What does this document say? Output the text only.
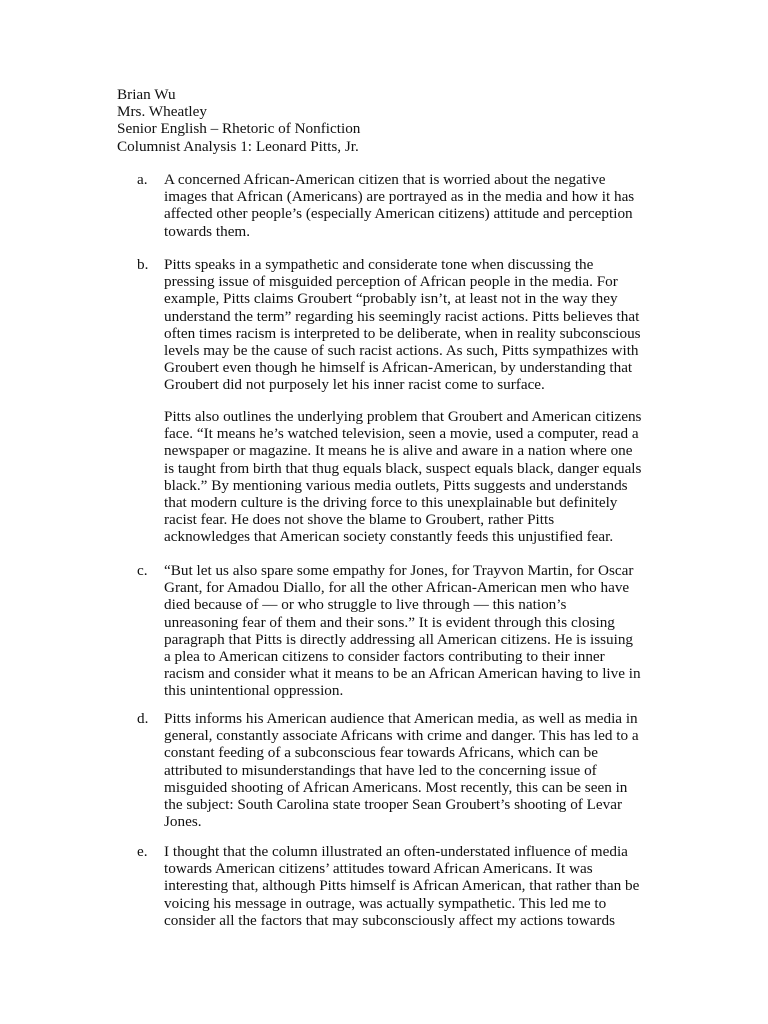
Brian Wu
Mrs. Wheatley
Senior English – Rhetoric of Nonfiction
Columnist Analysis 1: Leonard Pitts, Jr.
a. A concerned African-American citizen that is worried about the negative
images that African (Americans) are portrayed as in the media and how it has
affected other people’s (especially American citizens) attitude and perception
towards them.
b. Pitts speaks in a sympathetic and considerate tone when discussing the
pressing issue of misguided perception of African people in the media. For
example, Pitts claims Groubert “probably isn’t, at least not in the way they
understand the term” regarding his seemingly racist actions. Pitts believes that
often times racism is interpreted to be deliberate, when in reality subconscious
levels may be the cause of such racist actions. As such, Pitts sympathizes with
Groubert even though he himself is African-American, by understanding that
Groubert did not purposely let his inner racist come to surface.
Pitts also outlines the underlying problem that Groubert and American citizens
face. “It means he’s watched television, seen a movie, used a computer, read a
newspaper or magazine. It means he is alive and aware in a nation where one
is taught from birth that thug equals black, suspect equals black, danger equals
black.” By mentioning various media outlets, Pitts suggests and understands
that modern culture is the driving force to this unexplainable but definitely
racist fear. He does not shove the blame to Groubert, rather Pitts
acknowledges that American society constantly feeds this unjustified fear.
c. “But let us also spare some empathy for Jones, for Trayvon Martin, for Oscar
Grant, for Amadou Diallo, for all the other African-American men who have
died because of — or who struggle to live through — this nation’s
unreasoning fear of them and their sons.” It is evident through this closing
paragraph that Pitts is directly addressing all American citizens. He is issuing
a plea to American citizens to consider factors contributing to their inner
racism and consider what it means to be an African American having to live in
this unintentional oppression.
d. Pitts informs his American audience that American media, as well as media in
general, constantly associate Africans with crime and danger. This has led to a
constant feeding of a subconscious fear towards Africans, which can be
attributed to misunderstandings that have led to the concerning issue of
misguided shooting of African Americans. Most recently, this can be seen in
the subject: South Carolina state trooper Sean Groubert’s shooting of Levar
Jones.
e. I thought that the column illustrated an often-understated influence of media
towards American citizens’ attitudes toward African Americans. It was
interesting that, although Pitts himself is African American, that rather than be
voicing his message in outrage, was actually sympathetic. This led me to
consider all the factors that may subconsciously affect my actions towards
